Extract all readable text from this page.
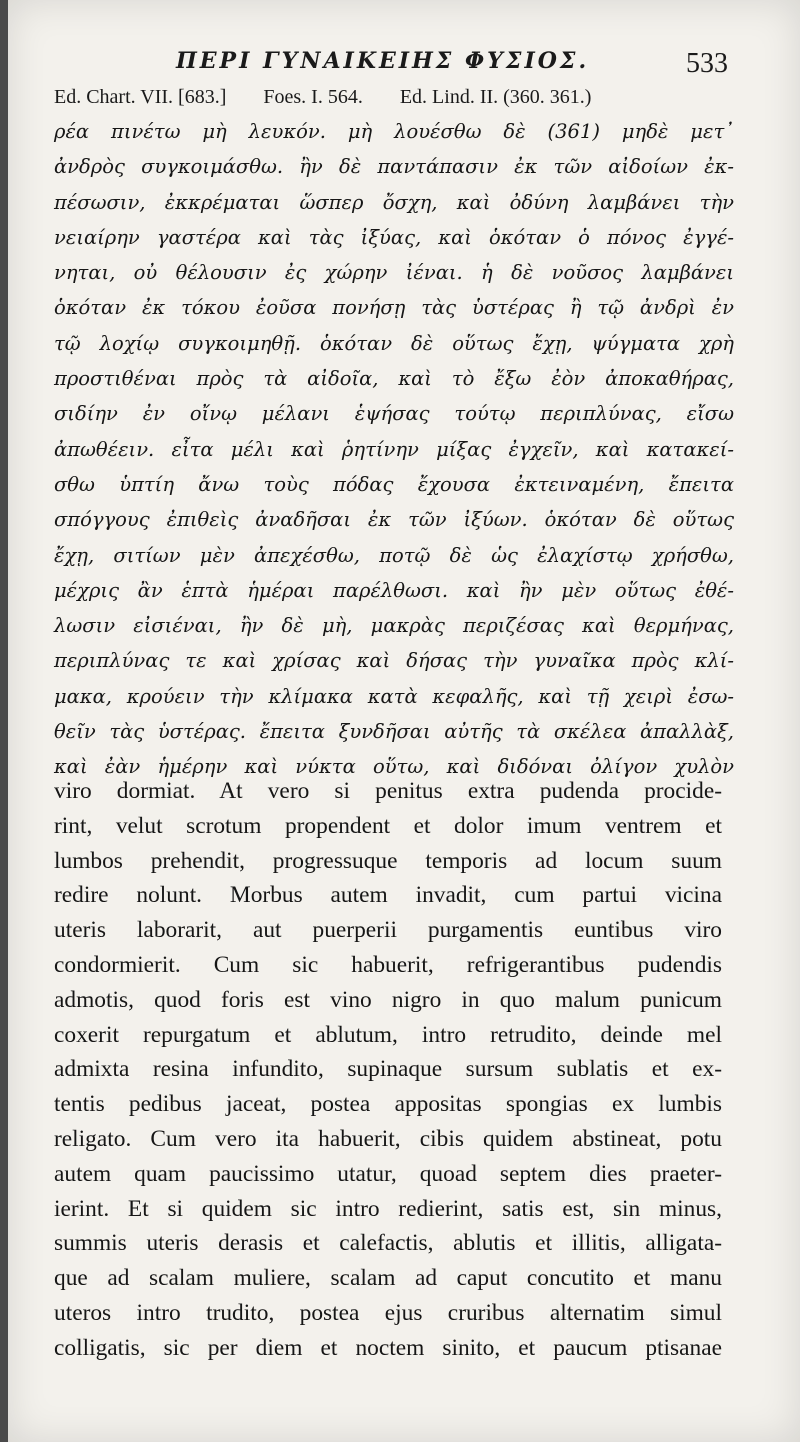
ΠΕΡΙ ΓΥΝΑΙΚΕΙΗΣ ΦΥΣΙΟΣ.	533
Ed. Chart. VII. [683.] Foes. I. 564. Ed. Lind. II. (360. 361.)
ρέα πινέτω μὴ λευκόν. μὴ λουέσθω δὲ (361) μηδὲ μετ᾽
ἀνδρὸς συγκοιμάσθω. ἢν δὲ παντάπασιν ἐκ τῶν αἰδοίων ἐκ-
πέσωσιν, ἐκκρέμαται ὥσπερ ὄσχη, καὶ ὀδύνη λαμβάνει τὴν
νειαίρην γαστέρα καὶ τὰς ἰξύας, καὶ ὁκόταν ὁ πόνος ἐγγέ-
νηται, οὐ θέλουσιν ἐς χώρην ἰέναι. ἡ δὲ νοῦσος λαμβάνει
ὁκόταν ἐκ τόκου ἐοῦσα πονήσῃ τὰς ὑστέρας ἢ τῷ ἀνδρὶ ἐν
τῷ λοχίῳ συγκοιμηθῇ. ὁκόταν δὲ οὕτως ἔχῃ, ψύγματα χρὴ
προστιθέναι πρὸς τὰ αἰδοῖα, καὶ τὸ ἔξω ἐὸν ἀποκαθήρας,
σιδίην ἐν οἴνῳ μέλανι ἑψήσας τούτῳ περιπλύνας, εἴσω
ἀπωθέειν. εἶτα μέλι καὶ ῥητίνην μίξας ἐγχεῖν, καὶ κατακεί-
σθω ὑπτίη ἄνω τοὺς πόδας ἔχουσα ἐκτειναμένη, ἔπειτα
σπόγγους ἐπιθεὶς ἀναδῆσαι ἐκ τῶν ἰξύων. ὁκόταν δὲ οὕτως
ἔχῃ, σιτίων μὲν ἀπεχέσθω, ποτῷ δὲ ὡς ἐλαχίστῳ χρήσθω,
μέχρις ἂν ἑπτὰ ἡμέραι παρέλθωσι. καὶ ἢν μὲν οὕτως ἐθέ-
λωσιν εἰσιέναι, ἢν δὲ μὴ, μακρὰς περιζέσας καὶ θερμήνας,
περιπλύνας τε καὶ χρίσας καὶ δήσας τὴν γυναῖκα πρὸς κλί-
μακα, κρούειν τὴν κλίμακα κατὰ κεφαλῆς, καὶ τῇ χειρὶ ἐσω-
θεῖν τὰς ὑστέρας. ἔπειτα ξυνδῆσαι αὐτῆς τὰ σκέλεα ἀπαλλὰξ,
καὶ ἐὰν ἡμέρην καὶ νύκτα οὕτω, καὶ διδόναι ὀλίγον χυλὸν
viro dormiat. At vero si penitus extra pudenda procide-
rint, velut scrotum propendent et dolor imum ventrem et
lumbos prehendit, progressuque temporis ad locum suum
redire nolunt. Morbus autem invadit, cum partui vicina
uteris laborarit, aut puerperii purgamentis euntibus viro
condormierit. Cum sic habuerit, refrigerantibus pudendis
admotis, quod foris est vino nigro in quo malum punicum
coxerit repurgatum et ablutum, intro retrudito, deinde mel
admixta resina infundito, supinaque sursum sublatis et ex-
tentis pedibus jaceat, postea appositas spongias ex lumbis
religato. Cum vero ita habuerit, cibis quidem abstineat, potu
autem quam paucissimo utatur, quoad septem dies praeter-
ierint. Et si quidem sic intro redierint, satis est, sin minus,
summis uteris derasis et calefactis, ablutis et illitis, alligata-
que ad scalam muliere, scalam ad caput concutito et manu
uteros intro trudito, postea ejus cruribus alternatim simul
colligatis, sic per diem et noctem sinito, et paucum ptisanae
